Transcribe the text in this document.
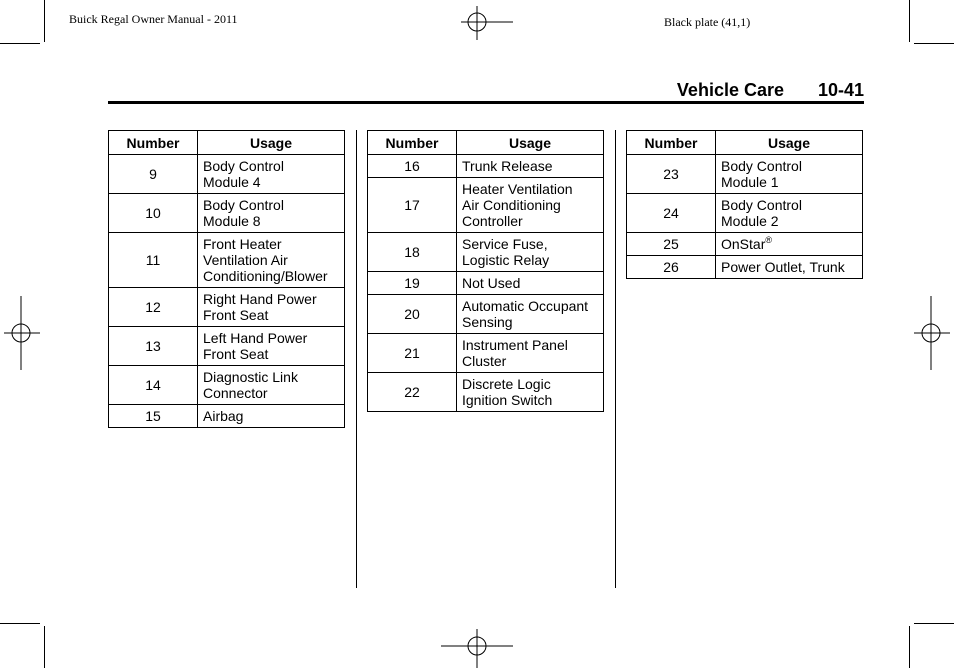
Buick Regal Owner Manual - 2011	Black plate (41,1)
Vehicle Care 10-41
Number	Usage
9	Body Control
Module 4
10	Body Control
Module 8
11	Front Heater
Ventilation Air
Conditioning/Blower
12	Right Hand Power
Front Seat
13	Left Hand Power
Front Seat
14	Diagnostic Link
Connector
15	Airbag
Number	Usage
16	Trunk Release
17	Heater Ventilation
Air Conditioning
Controller
18	Service Fuse,
Logistic Relay
19	Not Used
20	Automatic Occupant
Sensing
21	Instrument Panel
Cluster
22	Discrete Logic
Ignition Switch
Number	Usage
23	Body Control
Module 1
24	Body Control
Module 2
25	OnStar®
26	Power Outlet, Trunk
